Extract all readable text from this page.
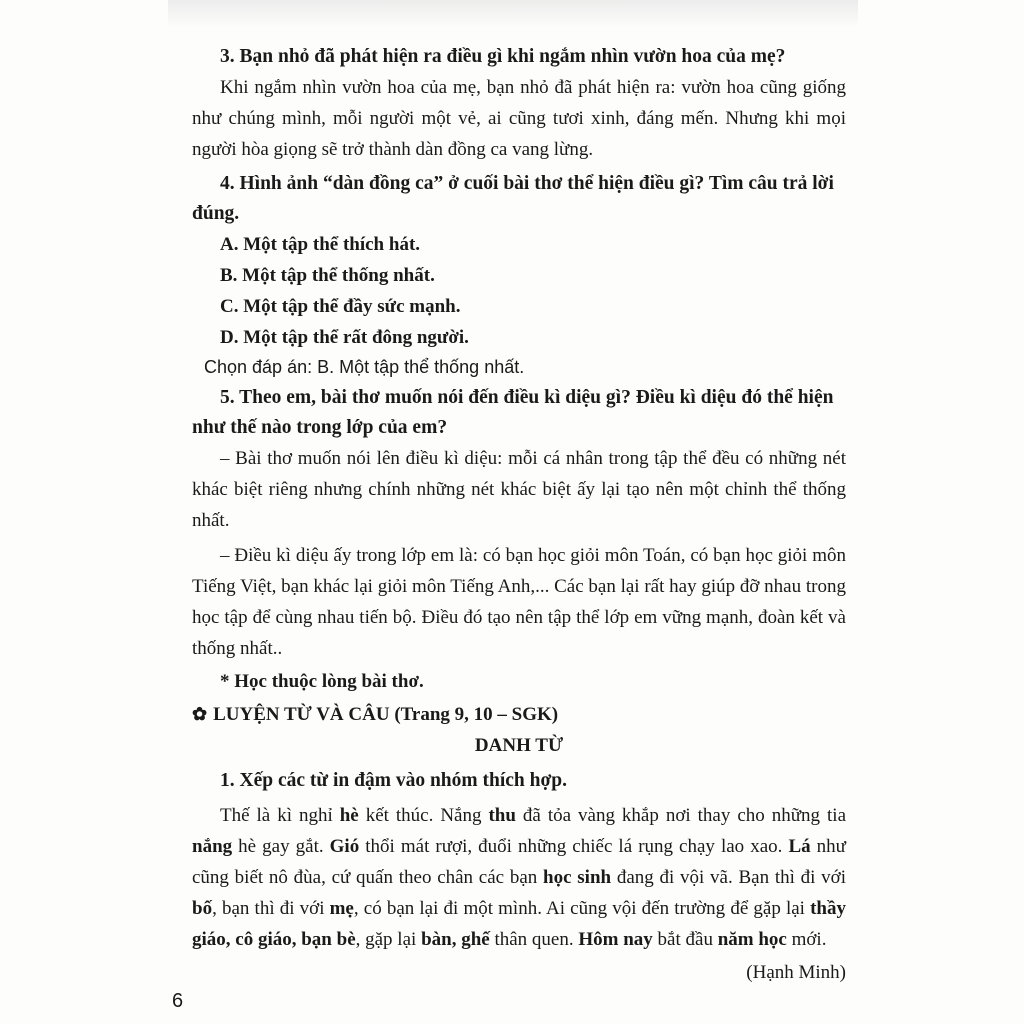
3. Bạn nhỏ đã phát hiện ra điều gì khi ngắm nhìn vườn hoa của mẹ?

Khi ngắm nhìn vườn hoa của mẹ, bạn nhỏ đã phát hiện ra: vườn hoa cũng giống như chúng mình, mỗi người một vẻ, ai cũng tươi xinh, đáng mến. Nhưng khi mọi người hòa giọng sẽ trở thành dàn đồng ca vang lừng.

4. Hình ảnh “dàn đồng ca” ở cuối bài thơ thể hiện điều gì? Tìm câu trả lời đúng.

A. Một tập thể thích hát.

B. Một tập thể thống nhất.

C. Một tập thể đầy sức mạnh.

D. Một tập thể rất đông người.

Chọn đáp án: B. Một tập thể thống nhất.

5. Theo em, bài thơ muốn nói đến điều kì diệu gì? Điều kì diệu đó thể hiện như thế nào trong lớp của em?

– Bài thơ muốn nói lên điều kì diệu: mỗi cá nhân trong tập thể đều có những nét khác biệt riêng nhưng chính những nét khác biệt ấy lại tạo nên một chỉnh thể thống nhất.

– Điều kì diệu ấy trong lớp em là: có bạn học giỏi môn Toán, có bạn học giỏi môn Tiếng Việt, bạn khác lại giỏi môn Tiếng Anh,... Các bạn lại rất hay giúp đỡ nhau trong học tập để cùng nhau tiến bộ. Điều đó tạo nên tập thể lớp em vững mạnh, đoàn kết và thống nhất..

* Học thuộc lòng bài thơ.

✿ LUYỆN TỪ VÀ CÂU (Trang 9, 10 – SGK)

DANH TỪ

1. Xếp các từ in đậm vào nhóm thích hợp.

Thế là kì nghỉ hè kết thúc. Nắng thu đã tỏa vàng khắp nơi thay cho những tia nắng hè gay gắt. Gió thổi mát rượi, đuổi những chiếc lá rụng chạy lao xao. Lá như cũng biết nô đùa, cứ quấn theo chân các bạn học sinh đang đi vội vã. Bạn thì đi với bố, bạn thì đi với mẹ, có bạn lại đi một mình. Ai cũng vội đến trường để gặp lại thầy giáo, cô giáo, bạn bè, gặp lại bàn, ghế thân quen. Hôm nay bắt đầu năm học mới.

(Hạnh Minh)

6
